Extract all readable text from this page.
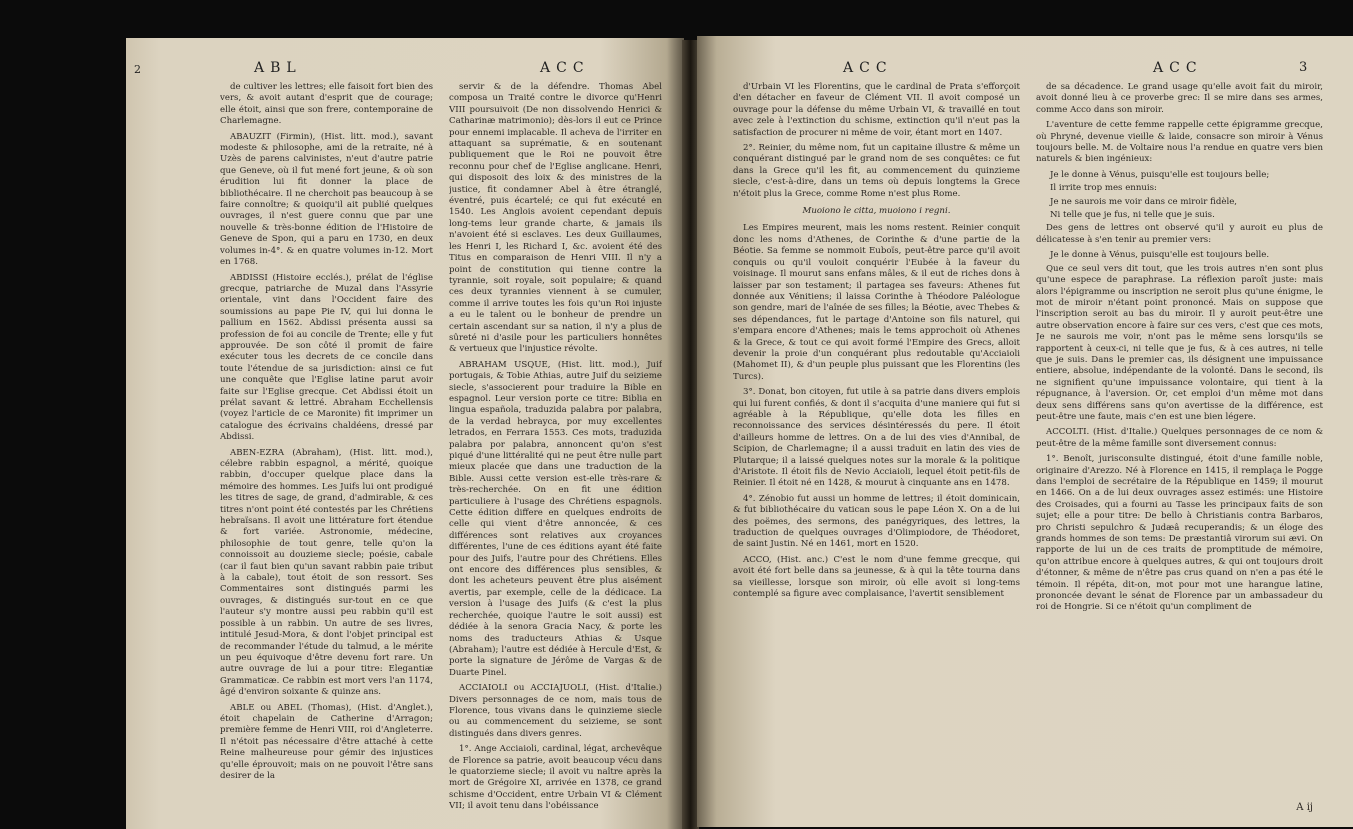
2	ABL	ACC

de cultiver les lettres; elle faisoit fort bien des vers, & avoit autant d'esprit que de courage; elle étoit, ainsi que son frere, contemporaine de Charlemagne.

ABAUZIT (Firmin), (Hist. litt. mod.), savant modeste & philosophe, ami de la retraite, né à Uzès de parens calvinistes, n'eut d'autre patrie que Geneve, où il fut mené fort jeune, & où son érudition lui fit donner la place de bibliothécaire. Il ne cherchoit pas beaucoup à se faire connoître; & quoiqu'il ait publié quelques ouvrages, il n'est guere connu que par une nouvelle & très-bonne édition de l'Histoire de Geneve de Spon, qui a paru en 1730, en deux volumes in-4°. & en quatre volumes in-12. Mort en 1768.

ABDISSI (Histoire ecclés.), prélat de l'église grecque, patriarche de Muzal dans l'Assyrie orientale, vint dans l'Occident faire des soumissions au pape Pie IV, qui lui donna le pallium en 1562. Abdissi présenta aussi sa profession de foi au concile de Trente; elle y fut approuvée. De son côté il promit de faire exécuter tous les decrets de ce concile dans toute l'étendue de sa jurisdiction: ainsi ce fut une conquête que l'Eglise latine parut avoir faite sur l'Eglise grecque. Cet Abdissi étoit un prélat savant & lettré. Abraham Ecchellensis (voyez l'article de ce Maronite) fit imprimer un catalogue des écrivains chaldéens, dressé par Abdissi.

ABEN-EZRA (Abraham), (Hist. litt. mod.), célebre rabbin espagnol, a mérité, quoique rabbin, d'occuper quelque place dans la mémoire des hommes. Les Juifs lui ont prodigué les titres de sage, de grand, d'admirable, & ces titres n'ont point été contestés par les Chrétiens hebraïsans. Il avoit une littérature fort étendue & fort variée. Astronomie, médecine, philosophie de tout genre, telle qu'on la connoissoit au douzieme siecle; poésie, cabale (car il faut bien qu'un savant rabbin paie tribut à la cabale), tout étoit de son ressort. Ses Commentaires sont distingués parmi les ouvrages, & distingués sur-tout en ce que l'auteur s'y montre aussi peu rabbin qu'il est possible à un rabbin. Un autre de ses livres, intitulé Jesud-Mora, & dont l'objet principal est de recommander l'étude du talmud, a le mérite un peu équivoque d'être devenu fort rare. Un autre ouvrage de lui a pour titre: Elegantiæ Grammaticæ. Ce rabbin est mort vers l'an 1174, âgé d'environ soixante & quinze ans.

ABLE ou ABEL (Thomas), (Hist. d'Anglet.), étoit chapelain de Catherine d'Arragon; première femme de Henri VIII, roi d'Angleterre. Il n'étoit pas nécessaire d'être attaché à cette Reine malheureuse pour gémir des injustices qu'elle éprouvoit; mais on ne pouvoit l'être sans desirer de la

servir & de la défendre. Thomas Abel composa un Traité contre le divorce qu'Henri VIII poursuivoit (De non dissolvendo Henrici & Catharinæ matrimonio); dès-lors il eut ce Prince pour ennemi implacable. Il acheva de l'irriter en attaquant sa suprématie, & en soutenant publiquement que le Roi ne pouvoit être reconnu pour chef de l'Eglise anglicane. Henri, qui disposoit des loix & des ministres de la justice, fit condamner Abel à être étranglé, éventré, puis écartelé; ce qui fut exécuté en 1540. Les Anglois avoient cependant depuis long-tems leur grande charte, & jamais ils n'avoient été si esclaves. Les deux Guillaumes, les Henri I, les Richard I, &c. avoient été des Titus en comparaison de Henri VIII. Il n'y a point de constitution qui tienne contre la tyrannie, soit royale, soit populaire; & quand ces deux tyrannies viennent à se cumuler, comme il arrive toutes les fois qu'un Roi injuste a eu le talent ou le bonheur de prendre un certain ascendant sur sa nation, il n'y a plus de sûreté ni d'asile pour les particuliers honnêtes & vertueux que l'injustice révolte.

ABRAHAM USQUE, (Hist. litt. mod.), Juif portugais, & Tobie Athias, autre Juif du seizieme siecle, s'associerent pour traduire la Bible en espagnol. Leur version porte ce titre: Biblia en lingua española, traduzida palabra por palabra, de la verdad hebrayca, por muy excellentes letrados, en Ferrara 1553. Ces mots, traduzida palabra por palabra, annoncent qu'on s'est piqué d'une littéralité qui ne peut être nulle part mieux placée que dans une traduction de la Bible. Aussi cette version est-elle très-rare & très-recherchée. On en fit une édition particuliere à l'usage des Chrétiens espagnols. Cette édition differe en quelques endroits de celle qui vient d'être annoncée, & ces différences sont relatives aux croyances différentes, l'une de ces éditions ayant été faite pour des Juifs, l'autre pour des Chrétiens. Elles ont encore des différences plus sensibles, & dont les acheteurs peuvent être plus aisément avertis, par exemple, celle de la dédicace. La version à l'usage des Juifs (& c'est la plus recherchée, quoique l'autre le soit aussi) est dédiée à la senora Gracia Nacy, & porte les noms des traducteurs Athias & Usque (Abraham); l'autre est dédiée à Hercule d'Est, & porte la signature de Jérôme de Vargas & de Duarte Pinel.

ACCIAIOLI ou ACCIAJUOLI, (Hist. d'Italie.) Divers personnages de ce nom, mais tous de Florence, tous vivans dans le quinzieme siecle ou au commencement du seizieme, se sont distingués dans divers genres.

1°. Ange Acciaioli, cardinal, légat, archevêque de Florence sa patrie, avoit beaucoup vécu dans le quatorzieme siecle; il avoit vu naître après la mort de Grégoire XI, arrivée en 1378, ce grand schisme d'Occident, entre Urbain VI & Clément VII; il avoit tenu dans l'obéissance

ACC	ACC	3

d'Urbain VI les Florentins, que le cardinal de Prata s'efforçoit d'en détacher en faveur de Clément VII. Il avoit composé un ouvrage pour la défense du même Urbain VI, & travaillé en tout avec zele à l'extinction du schisme, extinction qu'il n'eut pas la satisfaction de procurer ni même de voir, étant mort en 1407.

2°. Reinier, du même nom, fut un capitaine illustre & même un conquérant distingué par le grand nom de ses conquêtes: ce fut dans la Grece qu'il les fit, au commencement du quinzieme siecle, c'est-à-dire, dans un tems où depuis longtems la Grece n'étoit plus la Grece, comme Rome n'est plus Rome.

Muoiono le citta, muoiono i regni.

Les Empires meurent, mais les noms restent. Reinier conquit donc les noms d'Athenes, de Corinthe & d'une partie de la Béotie. Sa femme se nommoit Euboïs, peut-être parce qu'il avoit conquis ou qu'il vouloit conquérir l'Eubée à la faveur du voisinage. Il mourut sans enfans mâles, & il eut de riches dons à laisser par son testament; il partagea ses faveurs: Athenes fut donnée aux Vénitiens; il laissa Corinthe à Théodore Paléologue son gendre, mari de l'aînée de ses filles; la Béotie, avec Thebes & ses dépendances, fut le partage d'Antoine son fils naturel, qui s'empara encore d'Athenes; mais le tems approchoit où Athenes & la Grece, & tout ce qui avoit formé l'Empire des Grecs, alloit devenir la proie d'un conquérant plus redoutable qu'Acciaioli (Mahomet II), & d'un peuple plus puissant que les Florentins (les Turcs).

3°. Donat, bon citoyen, fut utile à sa patrie dans divers emplois qui lui furent confiés, & dont il s'acquita d'une maniere qui fut si agréable à la République, qu'elle dota les filles en reconnoissance des services désintéressés du pere. Il étoit d'ailleurs homme de lettres. On a de lui des vies d'Annibal, de Scipion, de Charlemagne; il a aussi traduit en latin des vies de Plutarque; il a laissé quelques notes sur la morale & la politique d'Aristote. Il étoit fils de Nevio Acciaioli, lequel étoit petit-fils de Reinier. Il étoit né en 1428, & mourut à cinquante ans en 1478.

4°. Zénobio fut aussi un homme de lettres; il étoit dominicain, & fut bibliothécaire du vatican sous le pape Léon X. On a de lui des poëmes, des sermons, des panégyriques, des lettres, la traduction de quelques ouvrages d'Olimpiodore, de Théodoret, de saint Justin. Né en 1461, mort en 1520.

ACCO, (Hist. anc.) C'est le nom d'une femme grecque, qui avoit été fort belle dans sa jeunesse, & à qui la tête tourna dans sa vieillesse, lorsque son miroir, où elle avoit si long-tems contemplé sa figure avec complaisance, l'avertit sensiblement

de sa décadence. Le grand usage qu'elle avoit fait du miroir, avoit donné lieu à ce proverbe grec: Il se mire dans ses armes, comme Acco dans son miroir.

L'aventure de cette femme rappelle cette épigramme grecque, où Phryné, devenue vieille & laide, consacre son miroir à Vénus toujours belle. M. de Voltaire nous l'a rendue en quatre vers bien naturels & bien ingénieux:

Je le donne à Vénus, puisqu'elle est toujours belle;

Il irrite trop mes ennuis:

Je ne saurois me voir dans ce miroir fidèle,

Ni telle que je fus, ni telle que je suis.

Des gens de lettres ont observé qu'il y auroit eu plus de délicatesse à s'en tenir au premier vers:

Je le donne à Vénus, puisqu'elle est toujours belle.

Que ce seul vers dit tout, que les trois autres n'en sont plus qu'une espece de paraphrase. La réflexion paroît juste: mais alors l'épigramme ou inscription ne seroit plus qu'une énigme, le mot de miroir n'étant point prononcé. Mais on suppose que l'inscription seroit au bas du miroir. Il y auroit peut-être une autre observation encore à faire sur ces vers, c'est que ces mots, Je ne saurois me voir, n'ont pas le même sens lorsqu'ils se rapportent à ceux-ci, ni telle que je fus, & à ces autres, ni telle que je suis. Dans le premier cas, ils désignent une impuissance entiere, absolue, indépendante de la volonté. Dans le second, ils ne signifient qu'une impuissance volontaire, qui tient à la répugnance, à l'aversion. Or, cet emploi d'un même mot dans deux sens différens sans qu'on avertisse de la différence, est peut-être une faute, mais c'en est une bien légere.

ACCOLTI. (Hist. d'Italie.) Quelques personnages de ce nom & peut-être de la même famille sont diversement connus:

1°. Benoît, jurisconsulte distingué, étoit d'une famille noble, originaire d'Arezzo. Né à Florence en 1415, il remplaça le Pogge dans l'emploi de secrétaire de la République en 1459; il mourut en 1466. On a de lui deux ouvrages assez estimés: une Histoire des Croisades, qui a fourni au Tasse les principaux faits de son sujet; elle a pour titre: De bello à Christianis contra Barbaros, pro Christi sepulchro & Judæâ recuperandis; & un éloge des grands hommes de son tems: De præstantiâ virorum sui ævi. On rapporte de lui un de ces traits de promptitude de mémoire, qu'on attribue encore à quelques autres, & qui ont toujours droit d'étonner, & même de n'être pas crus quand on n'en a pas été le témoin. Il répéta, dit-on, mot pour mot une harangue latine, prononcée devant le sénat de Florence par un ambassadeur du roi de Hongrie. Si ce n'étoit qu'un compliment de

A ij
